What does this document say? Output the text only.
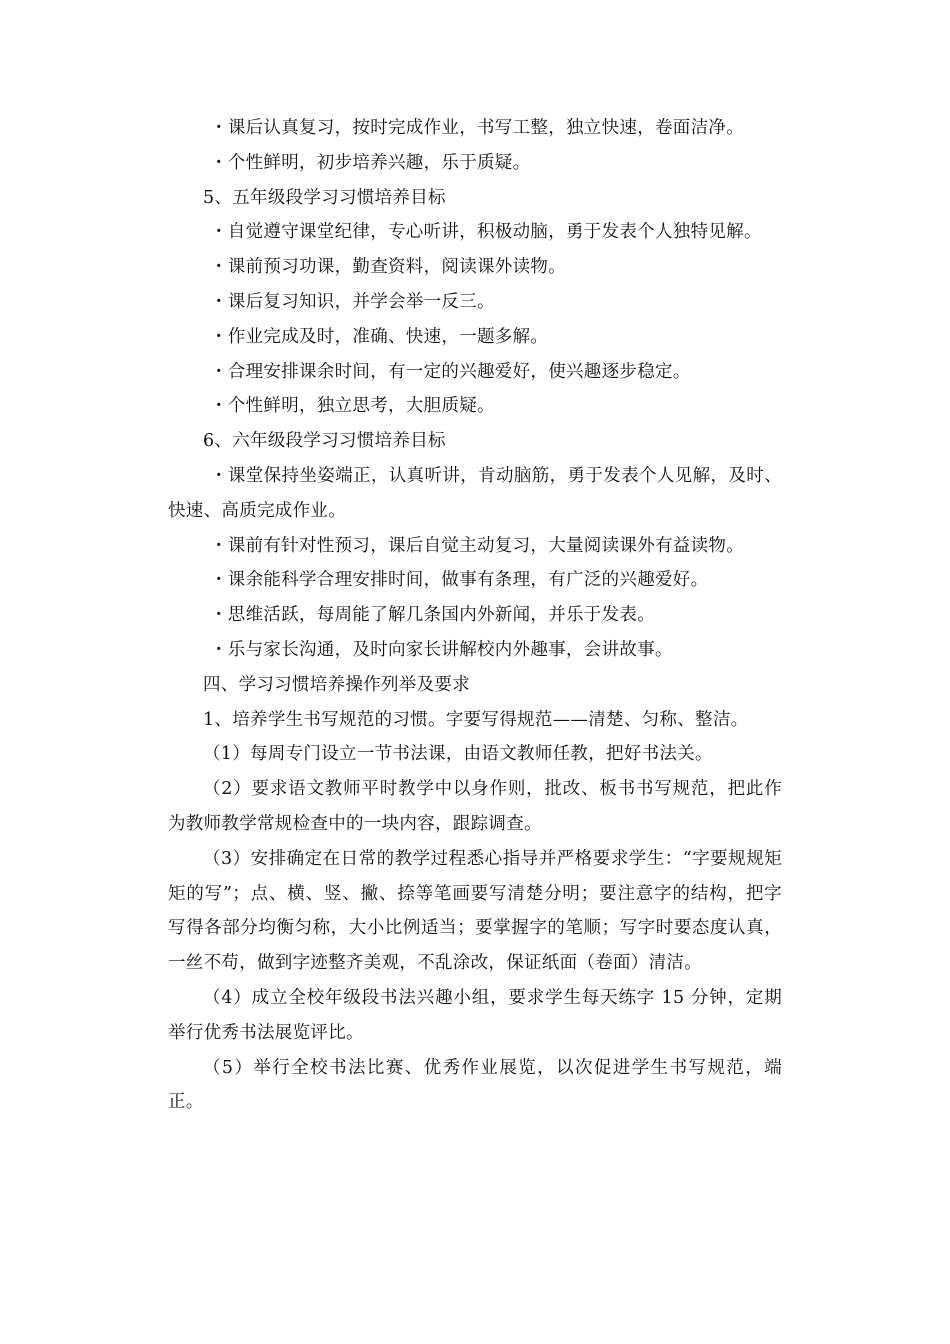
・课后认真复习，按时完成作业，书写工整，独立快速，卷面洁净。

・个性鲜明，初步培养兴趣，乐于质疑。

5、五年级段学习习惯培养目标

・自觉遵守课堂纪律，专心听讲，积极动脑，勇于发表个人独特见解。

・课前预习功课，勤查资料，阅读课外读物。

・课后复习知识，并学会举一反三。

・作业完成及时，准确、快速，一题多解。

・合理安排课余时间，有一定的兴趣爱好，使兴趣逐步稳定。

・个性鲜明，独立思考，大胆质疑。

6、六年级段学习习惯培养目标

・课堂保持坐姿端正，认真听讲，肯动脑筋，勇于发表个人见解，及时、快速、高质完成作业。

・课前有针对性预习，课后自觉主动复习，大量阅读课外有益读物。

・课余能科学合理安排时间，做事有条理，有广泛的兴趣爱好。

・思维活跃，每周能了解几条国内外新闻，并乐于发表。

・乐与家长沟通，及时向家长讲解校内外趣事，会讲故事。

四、学习习惯培养操作列举及要求

1、培养学生书写规范的习惯。字要写得规范——清楚、匀称、整洁。

（1）每周专门设立一节书法课，由语文教师任教，把好书法关。

（2）要求语文教师平时教学中以身作则，批改、板书书写规范，把此作为教师教学常规检查中的一块内容，跟踪调查。

（3）安排确定在日常的教学过程悉心指导并严格要求学生：“字要规规矩矩的写”；点、横、竖、撇、捺等笔画要写清楚分明；要注意字的结构，把字写得各部分均衡匀称，大小比例适当；要掌握字的笔顺；写字时要态度认真，一丝不苟，做到字迹整齐美观，不乱涂改，保证纸面（卷面）清洁。

（4）成立全校年级段书法兴趣小组，要求学生每天练字 15 分钟，定期举行优秀书法展览评比。

（5）举行全校书法比赛、优秀作业展览，以次促进学生书写规范，端正。
